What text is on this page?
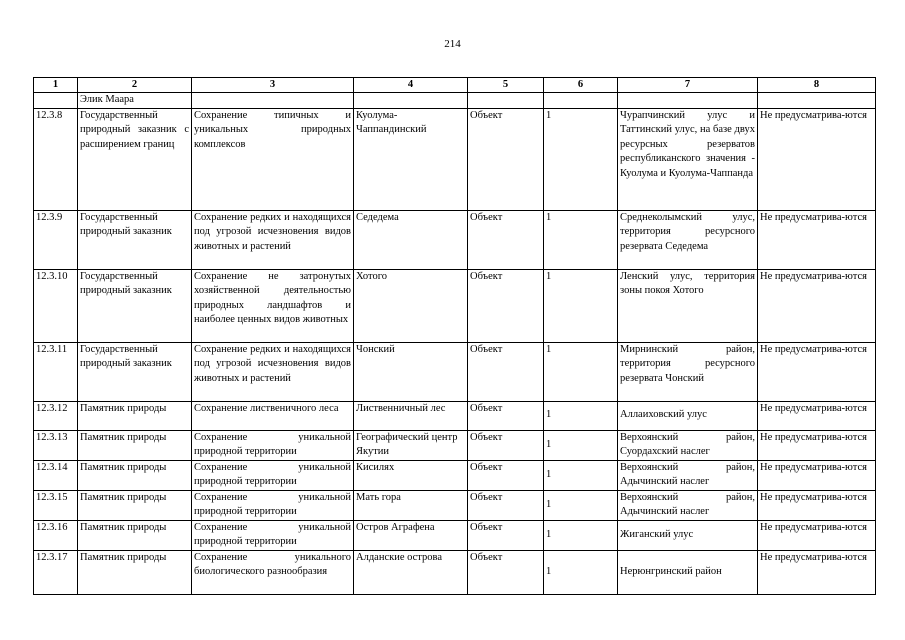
214
1	2	3	4	5	6	7	8
	Элик Маара						
12.3.8	Государственный природный заказник с расширением границ	Сохранение типичных и уникальных природных комплексов	Куолума-Чаппандинский	Объект	1	Чурапчинский улус и Таттинский улус, на базе двух ресурсных резерватов республиканского значения - Куолума и Куолума-Чаппанда	Не предусматрива-ются
12.3.9	Государственный природный заказник	Сохранение редких и находящихся под угрозой исчезновения видов животных и растений	Седедема	Объект	1	Среднеколымский улус, территория ресурсного резервата Седедема	Не предусматрива-ются
12.3.10	Государственный природный заказник	Сохранение не затронутых хозяйственной деятельностью природных ландшафтов и наиболее ценных видов животных	Хотого	Объект	1	Ленский улус, территория зоны покоя Хотого	Не предусматрива-ются
12.3.11	Государственный природный заказник	Сохранение редких и находящихся под угрозой исчезновения видов животных и растений	Чонский	Объект	1	Мирнинский район, территория ресурсного резервата Чонский	Не предусматрива-ются
12.3.12	Памятник природы	Сохранение лиственичного леса	Лиственничный лес	Объект	1	Аллаиховский улус	Не предусматрива-ются
12.3.13	Памятник природы	Сохранение уникальной природной территории	Географический центр Якутии	Объект	1	Верхоянский район, Суордахский наслег	Не предусматрива-ются
12.3.14	Памятник природы	Сохранение уникальной природной территории	Кисилях	Объект	1	Верхоянский район, Адычинский наслег	Не предусматрива-ются
12.3.15	Памятник природы	Сохранение уникальной природной территории	Мать гора	Объект	1	Верхоянский район, Адычинский наслег	Не предусматрива-ются
12.3.16	Памятник природы	Сохранение уникальной природной территории	Остров Аграфена	Объект	1	Жиганский улус	Не предусматрива-ются
12.3.17	Памятник природы	Сохранение уникального биологического разнообразия	Алданские острова	Объект	1	Нерюнгринский район	Не предусматрива-ются
